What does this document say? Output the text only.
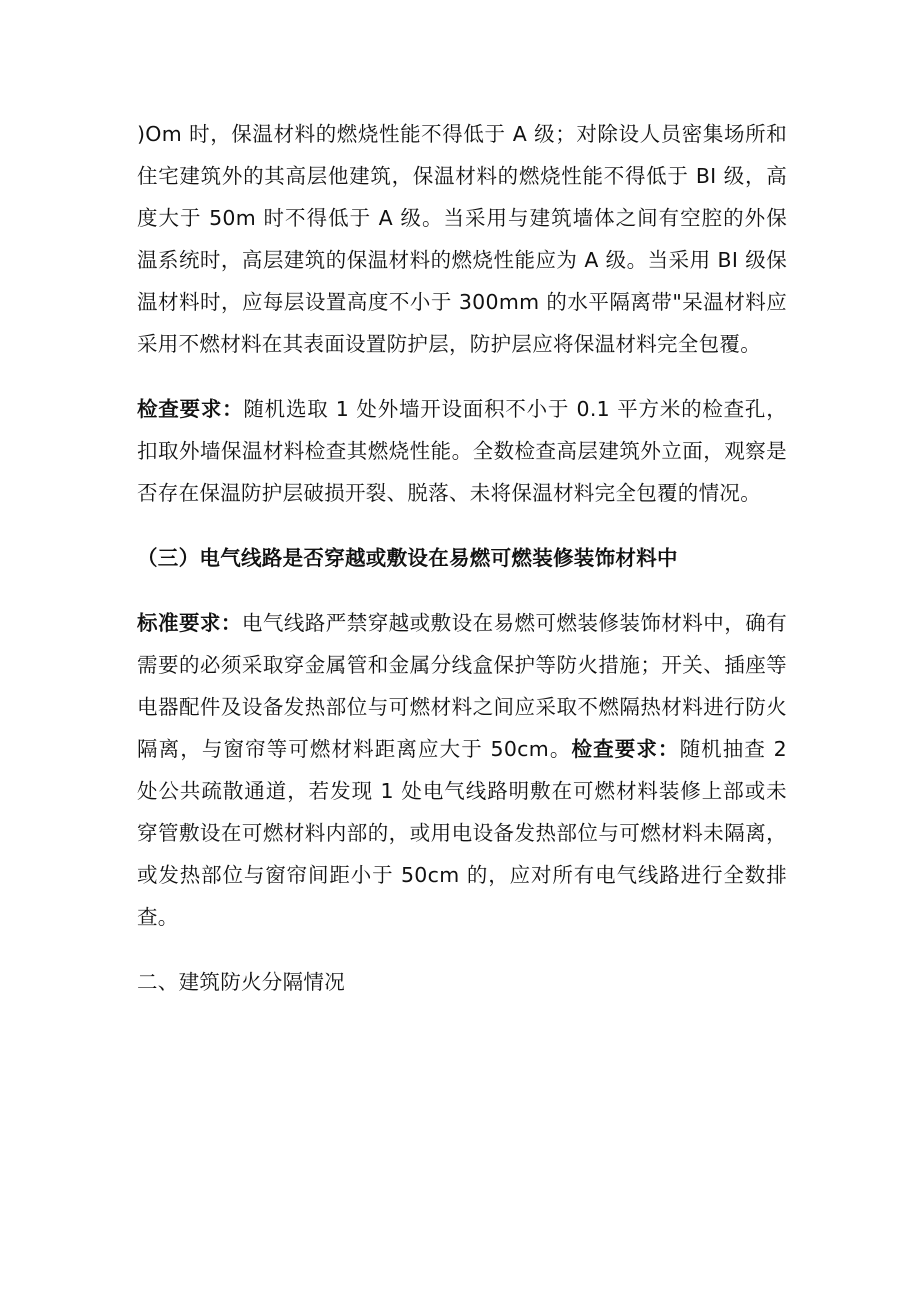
)Om 时，保温材料的燃烧性能不得低于 A 级；对除设人员密集场所和住宅建筑外的其高层他建筑，保温材料的燃烧性能不得低于 BI 级，高度大于 50m 时不得低于 A 级。当采用与建筑墙体之间有空腔的外保温系统时，高层建筑的保温材料的燃烧性能应为 A 级。当采用 BI 级保温材料时，应每层设置高度不小于 300mm 的水平隔离带"呆温材料应采用不燃材料在其表面设置防护层，防护层应将保温材料完全包覆。

检查要求：随机选取 1 处外墙开设面积不小于 0.1 平方米的检查孔，扣取外墙保温材料检查其燃烧性能。全数检查高层建筑外立面，观察是否存在保温防护层破损开裂、脱落、未将保温材料完全包覆的情况。

（三）电气线路是否穿越或敷设在易燃可燃装修装饰材料中

标准要求：电气线路严禁穿越或敷设在易燃可燃装修装饰材料中，确有需要的必须采取穿金属管和金属分线盒保护等防火措施；开关、插座等电器配件及设备发热部位与可燃材料之间应采取不燃隔热材料进行防火隔离，与窗帘等可燃材料距离应大于 50cm。检查要求：随机抽查 2 处公共疏散通道，若发现 1 处电气线路明敷在可燃材料装修上部或未穿管敷设在可燃材料内部的，或用电设备发热部位与可燃材料未隔离，或发热部位与窗帘间距小于 50cm 的，应对所有电气线路进行全数排查。

二、建筑防火分隔情况
